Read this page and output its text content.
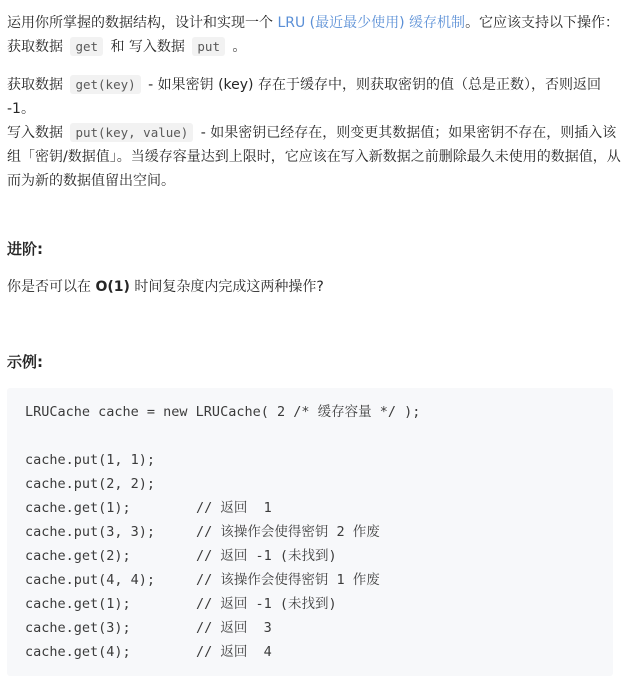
运用你所掌握的数据结构，设计和实现一个 LRU (最近最少使用) 缓存机制。它应该支持以下操作： 获取数据 get 和 写入数据 put 。

获取数据 get(key) - 如果密钥 (key) 存在于缓存中，则获取密钥的值（总是正数），否则返回 -1。

写入数据 put(key, value) - 如果密钥已经存在，则变更其数据值；如果密钥不存在，则插入该组「密钥/数据值」。当缓存容量达到上限时，它应该在写入新数据之前删除最久未使用的数据值，从而为新的数据值留出空间。

进阶:

你是否可以在 O(1) 时间复杂度内完成这两种操作?

示例:

LRUCache cache = new LRUCache( 2 /* 缓存容量 */ );
cache.put(1, 1);
cache.put(2, 2);
cache.get(1);	// 返回  1
cache.put(3, 3);	// 该操作会使得密钥 2 作废
cache.get(2);	// 返回 -1 (未找到)
cache.put(4, 4);	// 该操作会使得密钥 1 作废
cache.get(1);	// 返回 -1 (未找到)
cache.get(3);	// 返回  3
cache.get(4);	// 返回  4
